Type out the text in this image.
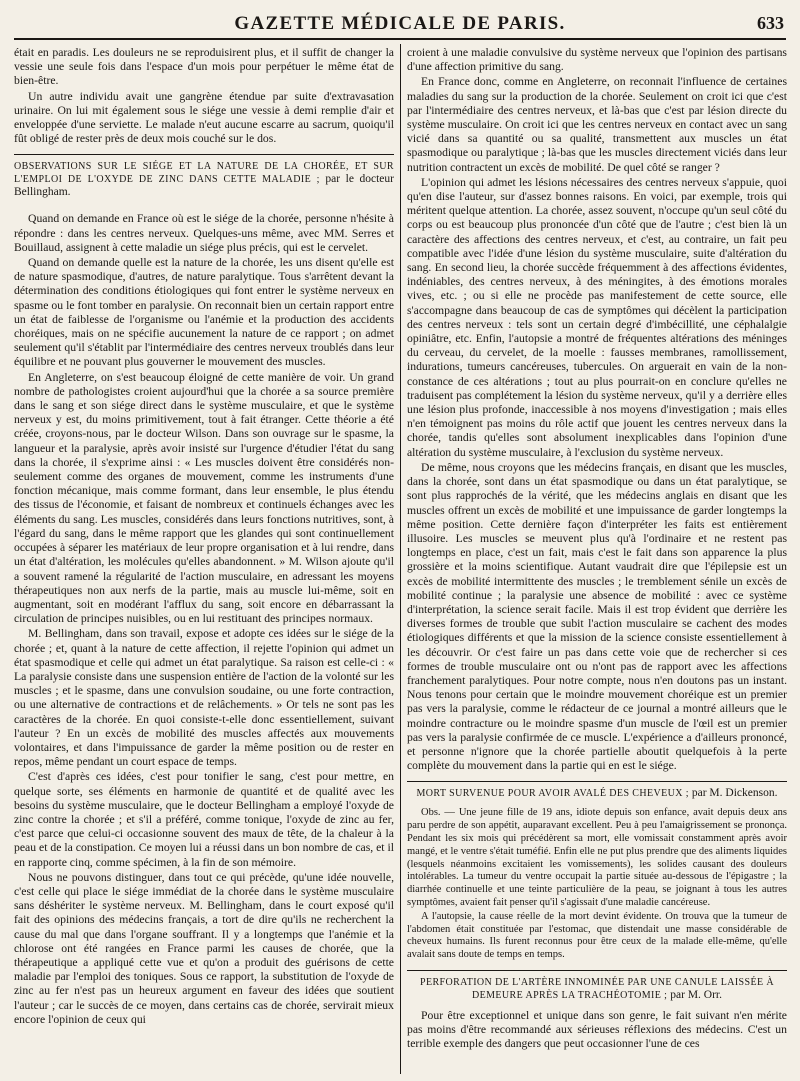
GAZETTE MÉDICALE DE PARIS.	633

était en paradis. Les douleurs ne se reproduisirent plus, et il suffit de changer la vessie une seule fois dans l'espace d'un mois pour perpétuer le même état de bien-être.

Un autre individu avait une gangrène étendue par suite d'extravasation urinaire. On lui mit également sous le siége une vessie à demi remplie d'air et enveloppée d'une serviette. Le malade n'eut aucune escarre au sacrum, quoiqu'il fût obligé de rester près de deux mois couché sur le dos.

OBSERVATIONS SUR LE SIÉGE ET LA NATURE DE LA CHORÉE, ET SUR L'EMPLOI DE L'OXYDE DE ZINC DANS CETTE MALADIE ; par le docteur Bellingham.

Quand on demande en France où est le siége de la chorée, personne n'hésite à répondre : dans les centres nerveux. Quelques-uns même, avec MM. Serres et Bouillaud, assignent à cette maladie un siége plus précis, qui est le cervelet.

Quand on demande quelle est la nature de la chorée, les uns disent qu'elle est de nature spasmodique, d'autres, de nature paralytique. Tous s'arrêtent devant la détermination des conditions étiologiques qui font entrer le système nerveux en spasme ou le font tomber en paralysie. On reconnait bien un certain rapport entre un état de faiblesse de l'organisme ou l'anémie et la production des accidents choréiques, mais on ne spécifie aucunement la nature de ce rapport ; on admet seulement qu'il s'établit par l'intermédiaire des centres nerveux troublés dans leur équilibre et ne pouvant plus gouverner le mouvement des muscles.

En Angleterre, on s'est beaucoup éloigné de cette manière de voir. Un grand nombre de pathologistes croient aujourd'hui que la chorée a sa source première dans le sang et son siége direct dans le système musculaire, et que le système nerveux y est, du moins primitivement, tout à fait étranger. Cette théorie a été créée, croyons-nous, par le docteur Wilson. Dans son ouvrage sur le spasme, la langueur et la paralysie, après avoir insisté sur l'urgence d'étudier l'état du sang dans la chorée, il s'exprime ainsi : « Les muscles doivent être considérés non-seulement comme des organes de mouvement, comme les instruments d'une fonction mécanique, mais comme formant, dans leur ensemble, le plus étendu des tissus de l'économie, et faisant de nombreux et continuels échanges avec les éléments du sang. Les muscles, considérés dans leurs fonctions nutritives, sont, à l'égard du sang, dans le même rapport que les glandes qui sont continuellement occupées à séparer les matériaux de leur propre organisation et à lui rendre, dans un état d'altération, les molécules qu'elles abandonnent. » M. Wilson ajoute qu'il a souvent ramené la régularité de l'action musculaire, en adressant les moyens thérapeutiques non aux nerfs de la partie, mais au muscle lui-même, soit en augmentant, soit en modérant l'afflux du sang, soit encore en débarrassant la circulation de principes nuisibles, ou en lui restituant des principes normaux.

M. Bellingham, dans son travail, expose et adopte ces idées sur le siége de la chorée ; et, quant à la nature de cette affection, il rejette l'opinion qui admet un état spasmodique et celle qui admet un état paralytique. Sa raison est celle-ci : « La paralysie consiste dans une suspension entière de l'action de la volonté sur les muscles ; et le spasme, dans une convulsion soudaine, ou une forte contraction, ou une alternative de contractions et de relâchements. » Or tels ne sont pas les caractères de la chorée. En quoi consiste-t-elle donc essentiellement, suivant l'auteur ? En un excès de mobilité des muscles affectés aux mouvements volontaires, et dans l'impuissance de garder la même position ou de rester en repos, même pendant un court espace de temps.

C'est d'après ces idées, c'est pour tonifier le sang, c'est pour mettre, en quelque sorte, ses éléments en harmonie de quantité et de qualité avec les besoins du système musculaire, que le docteur Bellingham a employé l'oxyde de zinc contre la chorée ; et s'il a préféré, comme tonique, l'oxyde de zinc au fer, c'est parce que celui-ci occasionne souvent des maux de tête, de la chaleur à la peau et de la constipation. Ce moyen lui a réussi dans un bon nombre de cas, et il en rapporte cinq, comme spécimen, à la fin de son mémoire.

Nous ne pouvons distinguer, dans tout ce qui précède, qu'une idée nouvelle, c'est celle qui place le siége immédiat de la chorée dans le système musculaire sans déshériter le système nerveux. M. Bellingham, dans le court exposé qu'il fait des opinions des médecins français, a tort de dire qu'ils ne recherchent la cause du mal que dans l'organe souffrant. Il y a longtemps que l'anémie et la chlorose ont été rangées en France parmi les causes de chorée, que la thérapeutique a appliqué cette vue et qu'on a produit des guérisons de cette maladie par l'emploi des toniques. Sous ce rapport, la substitution de l'oxyde de zinc au fer n'est pas un heureux argument en faveur des idées que soutient l'auteur ; car le succès de ce moyen, dans certains cas de chorée, servirait mieux encore l'opinion de ceux qui

croient à une maladie convulsive du système nerveux que l'opinion des partisans d'une affection primitive du sang.

En France donc, comme en Angleterre, on reconnait l'influence de certaines maladies du sang sur la production de la chorée. Seulement on croit ici que c'est par l'intermédiaire des centres nerveux, et là-bas que c'est par lésion directe du système musculaire. On croit ici que les centres nerveux en contact avec un sang vicié dans sa quantité ou sa qualité, transmettent aux muscles un état spasmodique ou paralytique ; là-bas que les muscles directement viciés dans leur nutrition contractent un excès de mobilité. De quel côté se ranger ?

L'opinion qui admet les lésions nécessaires des centres nerveux s'appuie, quoi qu'en dise l'auteur, sur d'assez bonnes raisons. En voici, par exemple, trois qui méritent quelque attention. La chorée, assez souvent, n'occupe qu'un seul côté du corps ou est beaucoup plus prononcée d'un côté que de l'autre ; c'est bien là un caractère des affections des centres nerveux, et c'est, au contraire, un fait peu compatible avec l'idée d'une lésion du système musculaire, suite d'altération du sang. En second lieu, la chorée succède fréquemment à des affections évidentes, indéniables, des centres nerveux, à des méningites, à des émotions morales vives, etc. ; ou si elle ne procède pas manifestement de cette source, elle s'accompagne dans beaucoup de cas de symptômes qui décèlent la participation des centres nerveux : tels sont un certain degré d'imbécillité, une céphalalgie opiniâtre, etc. Enfin, l'autopsie a montré de fréquentes altérations des méninges du cerveau, du cervelet, de la moelle : fausses membranes, ramollissement, indurations, tumeurs cancéreuses, tubercules. On arguerait en vain de la non-constance de ces altérations ; tout au plus pourrait-on en conclure qu'elles ne traduisent pas complétement la lésion du système nerveux, qu'il y a derrière elles une lésion plus profonde, inaccessible à nos moyens d'investigation ; mais elles n'en témoignent pas moins du rôle actif que jouent les centres nerveux dans la chorée, tandis qu'elles sont absolument inexplicables dans l'opinion d'une altération du système musculaire, à l'exclusion du système nerveux.

De même, nous croyons que les médecins français, en disant que les muscles, dans la chorée, sont dans un état spasmodique ou dans un état paralytique, se sont plus rapprochés de la vérité, que les médecins anglais en disant que les muscles offrent un excès de mobilité et une impuissance de garder longtemps la même position. Cette dernière façon d'interpréter les faits est entièrement illusoire. Les muscles se meuvent plus qu'à l'ordinaire et ne restent pas longtemps en place, c'est un fait, mais c'est le fait dans son apparence la plus grossière et la moins scientifique. Autant vaudrait dire que l'épilepsie est un excès de mobilité intermittente des muscles ; le tremblement sénile un excès de mobilité continue ; la paralysie une absence de mobilité : avec ce système d'interprétation, la science serait facile. Mais il est trop évident que derrière les diverses formes de trouble que subit l'action musculaire se cachent des modes étiologiques différents et que la mission de la science consiste essentiellement à les découvrir. Or c'est faire un pas dans cette voie que de rechercher si ces formes de trouble musculaire ont ou n'ont pas de rapport avec les affections franchement paralytiques. Pour notre compte, nous n'en doutons pas un instant. Nous tenons pour certain que le moindre mouvement choréique est un premier pas vers la paralysie, comme le rédacteur de ce journal a montré ailleurs que le moindre contracture ou le moindre spasme d'un muscle de l'œil est un premier pas vers la paralysie confirmée de ce muscle. L'expérience a d'ailleurs prononcé, et personne n'ignore que la chorée partielle aboutit quelquefois à la perte complète du mouvement dans la partie qui en est le siége.

MORT SURVENUE POUR AVOIR AVALÉ DES CHEVEUX ; par M. Dickenson.

Obs. — Une jeune fille de 19 ans, idiote depuis son enfance, avait depuis deux ans paru perdre de son appétit, auparavant excellent. Peu à peu l'amaigrissement se prononça. Pendant les six mois qui précédèrent sa mort, elle vomissait constamment après avoir mangé, et le ventre s'était tuméfié. Enfin elle ne put plus prendre que des aliments liquides (lesquels néanmoins excitaient les vomissements), les solides causant des douleurs intolérables. La tumeur du ventre occupait la partie située au-dessous de l'épigastre ; la diarrhée continuelle et une teinte particulière de la peau, se joignant à tous les autres symptômes, avaient fait penser qu'il s'agissait d'une maladie cancéreuse.

A l'autopsie, la cause réelle de la mort devint évidente. On trouva que la tumeur de l'abdomen était constituée par l'estomac, que distendait une masse considérable de cheveux humains. Ils furent reconnus pour être ceux de la malade elle-même, qu'elle avalait sans doute de temps en temps.

PERFORATION DE L'ARTÈRE INNOMINÉE PAR UNE CANULE LAISSÉE À DEMEURE APRÈS LA TRACHÉOTOMIE ; par M. Orr.

Pour être exceptionnel et unique dans son genre, le fait suivant n'en mérite pas moins d'être recommandé aux sérieuses réflexions des médecins. C'est un terrible exemple des dangers que peut occasionner l'une de ces
